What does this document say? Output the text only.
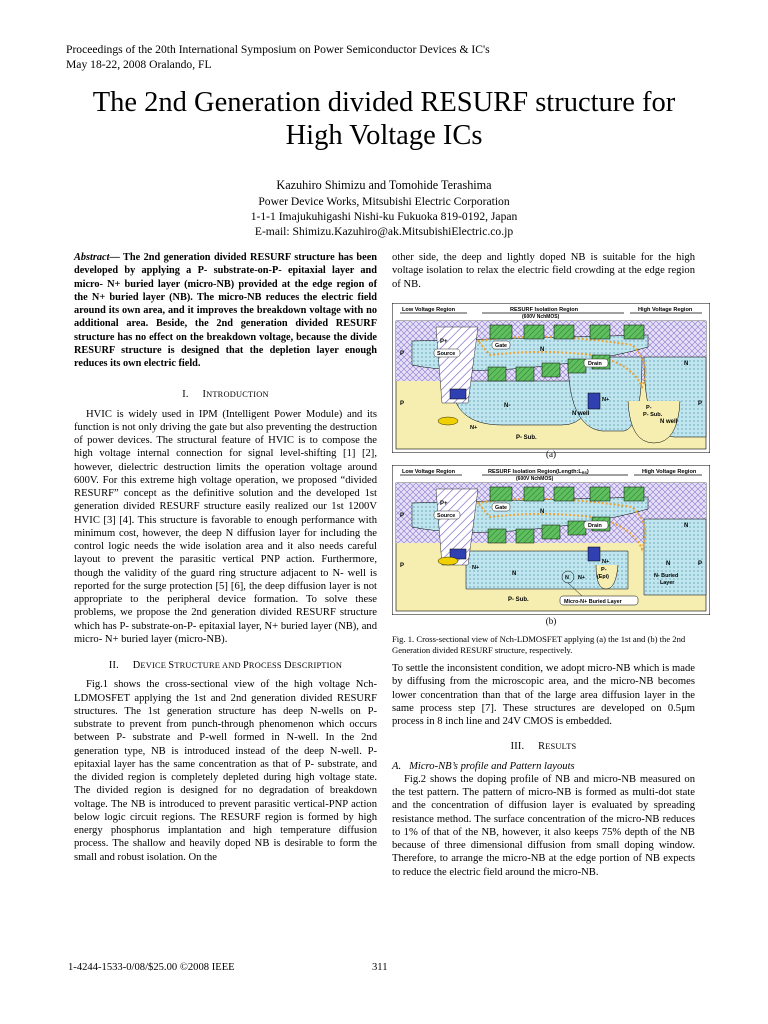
Proceedings of the 20th International Symposium on Power Semiconductor Devices & IC's
May 18-22, 2008 Oralando, FL
The 2nd Generation divided RESURF structure for
High Voltage ICs
Kazuhiro Shimizu and Tomohide Terashima
Power Device Works, Mitsubishi Electric Corporation
1-1-1 Imajukuhigashi Nishi-ku Fukuoka 819-0192, Japan
E-mail: Shimizu.Kazuhiro@ak.MitsubishiElectric.co.jp

Abstract— The 2nd generation divided RESURF structure has been developed by applying a P- substrate-on-P- epitaxial layer and micro- N+ buried layer (micro-NB) provided at the edge region of the N+ buried layer (NB). The micro-NB reduces the electric field around its own area, and it improves the breakdown voltage with no additional area. Beside, the 2nd generation divided RESURF structure has no effect on the breakdown voltage, because the divide RESURF structure is designed that the depletion layer enough reduces its own electric field.

I. INTRODUCTION

HVIC is widely used in IPM (Intelligent Power Module) and its function is not only driving the gate but also preventing the destruction of power devices. The structural feature of HVIC is to compose the high voltage internal connection for signal level-shifting [1] [2], however, dielectric destruction limits the operation voltage around 600V. For this extreme high voltage operation, we proposed “divided RESURF” concept as the definitive solution and the developed 1st generation divided RESURF structure easily realized our 1st 1200V HVIC [3] [4]. This structure is favorable to enough performance with minimum cost, however, the deep N diffusion layer for including the control logic needs the wide isolation area and it also needs careful layout to prevent the parasitic vertical PNP action. Furthermore, though the validity of the guard ring structure adjacent to N- well is reported for the surge protection [5] [6], the deep diffusion layer is not appropriate to the peripheral device formation. To solve these problems, we propose the 2nd generation divided RESURF structure which has P- substrate-on-P- epitaxial layer, N+ buried layer (NB), and micro- N+ buried layer (micro-NB).

II. DEVICE STRUCTURE AND PROCESS DESCRIPTION

Fig.1 shows the cross-sectional view of the high voltage Nch-LDMOSFET applying the 1st and 2nd generation divided RESURF structures. The 1st generation structure has deep N-wells on P- substrate to prevent from punch-through phenomenon which occurs between P- substrate and P-well formed in N-well. In the 2nd generation type, NB is introduced instead of the deep N-well. P- epitaxial layer has the same concentration as that of P- substrate, and the divided region is completely depleted during high voltage state. The divided region is designed for no degradation of breakdown voltage. The NB is introduced to prevent parasitic vertical-PNP action below logic circuit regions. The RESURF region is formed by high energy phosphorus implantation and high temperature diffusion process. The shallow and heavily doped NB is desirable to form the small and robust isolation. On the

other side, the deep and lightly doped NB is suitable for the high voltage isolation to relax the electric field crowding at the edge region of NB.

Low Voltage Region	RESURF Isolation Region
(600V NchMOS)
High Voltage Region
P
P+
Source
Gate
N
N
Drain
N+
N+
N-
N well
N well
P-
P- Sub.
P- Sub.
P	P
(a)
Low Voltage Region	RESURF Isolation Region(Length:LRS)
(600V NchMOS)
High Voltage Region
P
P+
Source
Gate
N
N
Drain
N+
N+
N
N N+
P-
(Epi)
N
N- Buried
Layer
P- Sub.	Micro-N+ Buried Layer
P	P
(b)
Fig. 1. Cross-sectional view of Nch-LDMOSFET applying (a) the 1st and (b) the 2nd Generation divided RESURF structure, respectively.

To settle the inconsistent condition, we adopt micro-NB which is made by diffusing from the microscopic area, and the micro-NB becomes lower concentration than that of the large area diffusion layer in the same process step [7]. These structures are developed on 0.5μm process in 8 inch line and 24V CMOS is embedded.

III. RESULTS

A. Micro-NB’s profile and Pattern layouts

Fig.2 shows the doping profile of NB and micro-NB measured on the test pattern. The pattern of micro-NB is formed as multi-dot state and the concentration of diffusion layer is evaluated by spreading resistance method. The surface concentration of the micro-NB reduces to 1% of that of the NB, however, it also keeps 75% depth of the NB because of three dimensional diffusion from small doping window. Therefore, to arrange the micro-NB at the edge portion of NB expects to reduce the electric field around the micro-NB.

1-4244-1533-0/08/$25.00 ©2008 IEEE	311
